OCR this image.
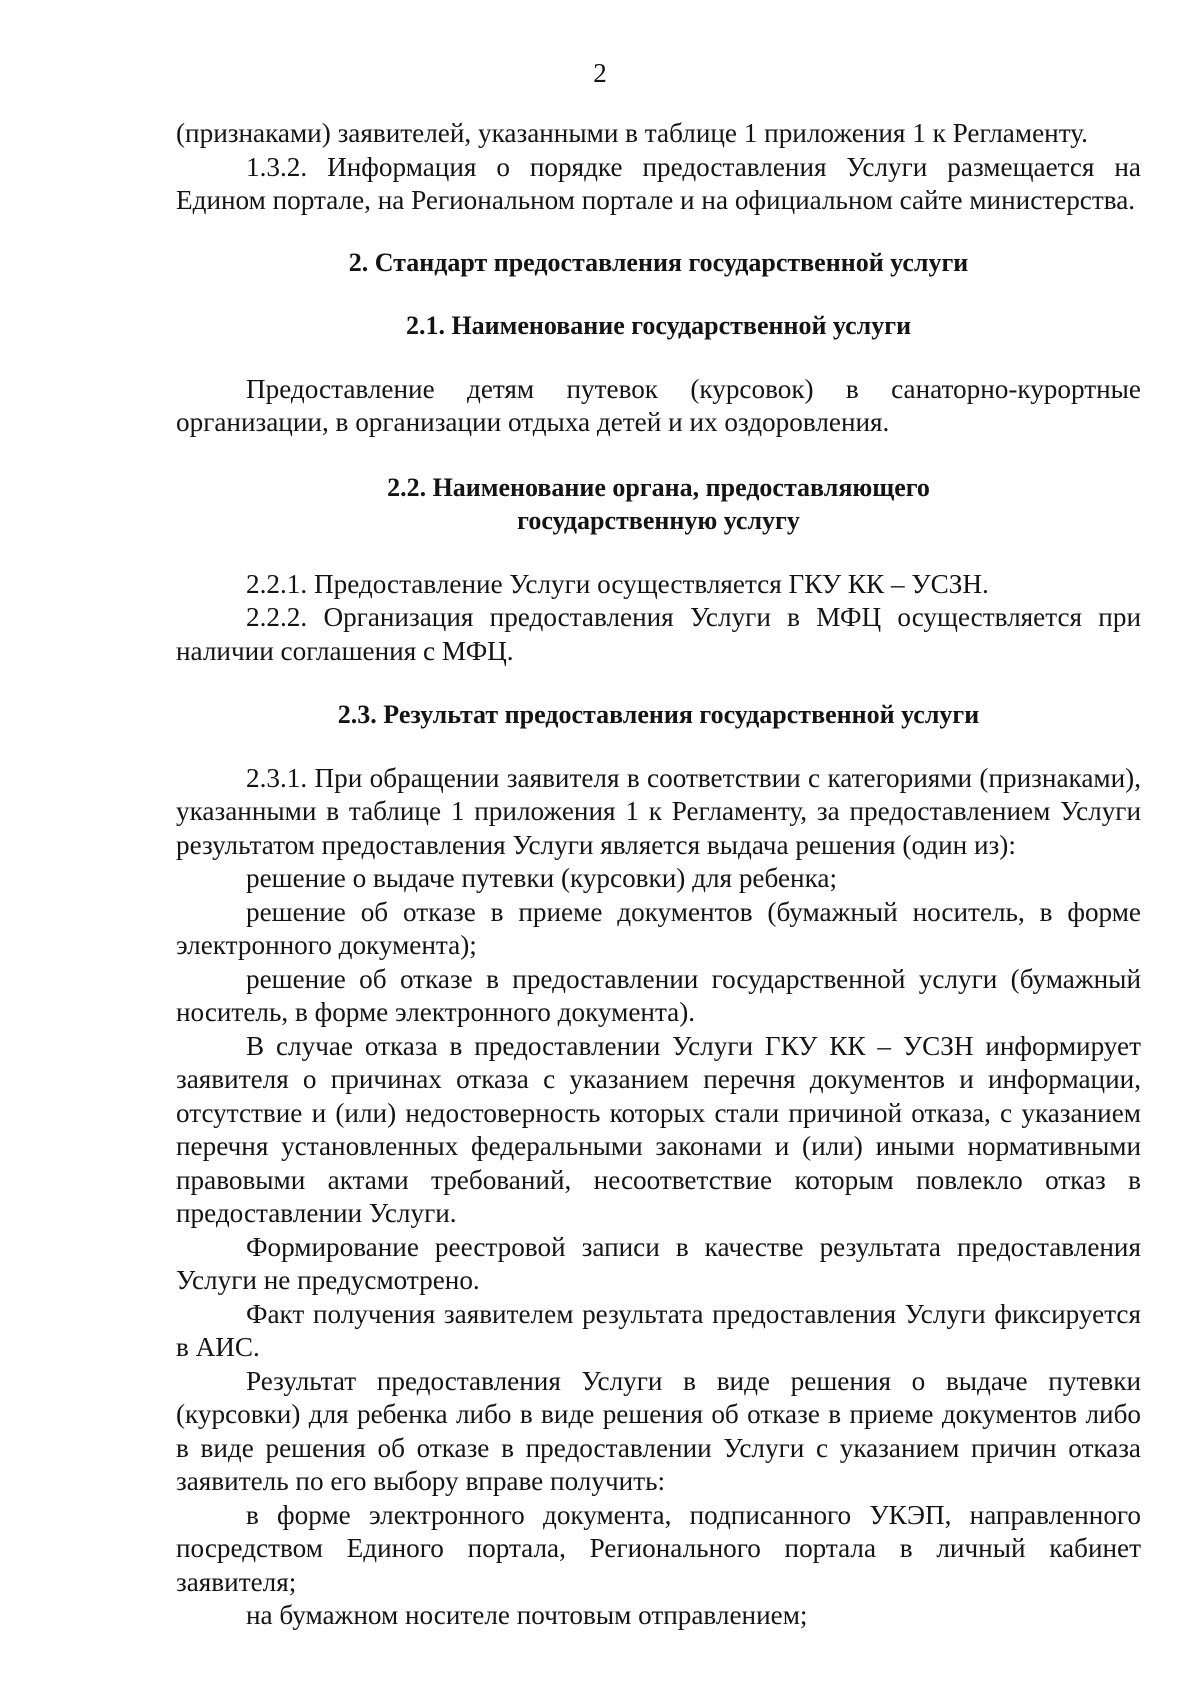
2

(признаками) заявителей, указанными в таблице 1 приложения 1 к Регламенту.

1.3.2. Информация о порядке предоставления Услуги размещается на Едином портале, на Региональном портале и на официальном сайте министерства.

2. Стандарт предоставления государственной услуги
2.1. Наименование государственной услуги

Предоставление детям путевок (курсовок) в санаторно-курортные организации, в организации отдыха детей и их оздоровления.

2.2. Наименование органа, предоставляющего
государственную услугу

2.2.1. Предоставление Услуги осуществляется ГКУ КК – УСЗН.

2.2.2. Организация предоставления Услуги в МФЦ осуществляется при наличии соглашения с МФЦ.

2.3. Результат предоставления государственной услуги

2.3.1. При обращении заявителя в соответствии с категориями (признаками), указанными в таблице 1 приложения 1 к Регламенту, за предоставлением Услуги результатом предоставления Услуги является выдача решения (один из):

решение о выдаче путевки (курсовки) для ребенка;

решение об отказе в приеме документов (бумажный носитель, в форме электронного документа);

решение об отказе в предоставлении государственной услуги (бумажный носитель, в форме электронного документа).

В случае отказа в предоставлении Услуги ГКУ КК – УСЗН информирует заявителя о причинах отказа с указанием перечня документов и информации, отсутствие и (или) недостоверность которых стали причиной отказа, с указанием перечня установленных федеральными законами и (или) иными нормативными правовыми актами требований, несоответствие которым повлекло отказ в предоставлении Услуги.

Формирование реестровой записи в качестве результата предоставления Услуги не предусмотрено.

Факт получения заявителем результата предоставления Услуги фиксируется в АИС.

Результат предоставления Услуги в виде решения о выдаче путевки (курсовки) для ребенка либо в виде решения об отказе в приеме документов либо в виде решения об отказе в предоставлении Услуги с указанием причин отказа заявитель по его выбору вправе получить:

в форме электронного документа, подписанного УКЭП, направленного посредством Единого портала, Регионального портала в личный кабинет заявителя;

на бумажном носителе почтовым отправлением;
